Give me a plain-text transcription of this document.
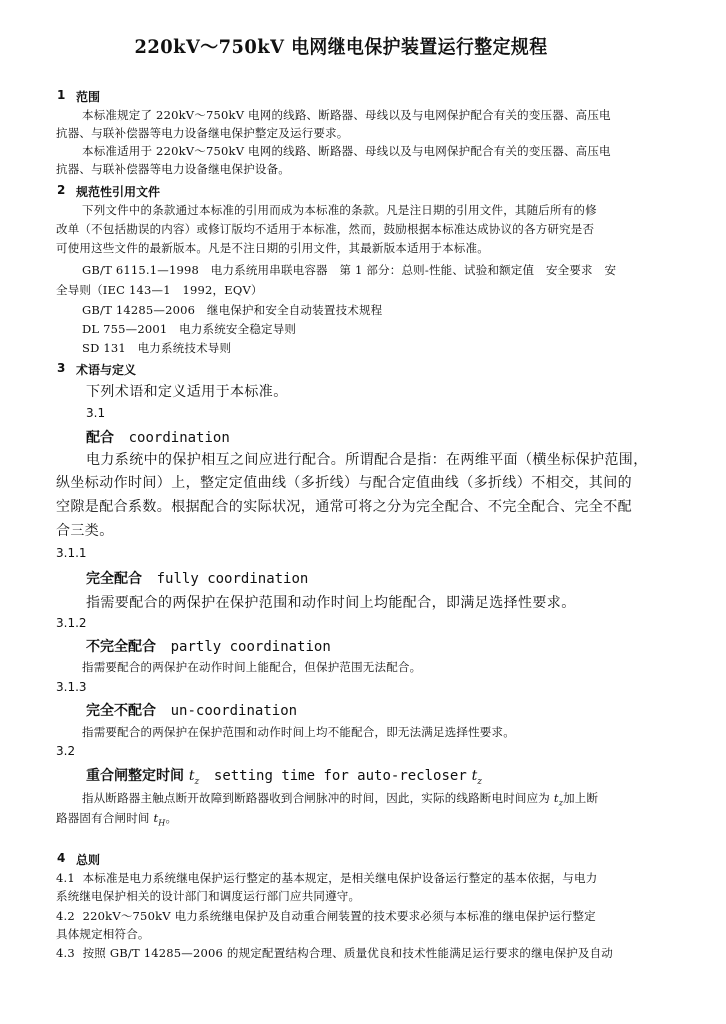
220kV～750kV 电网继电保护装置运行整定规程
1 范围
本标准规定了 220kV～750kV 电网的线路、断路器、母线以及与电网保护配合有关的变压器、高压电
抗器、与联补偿器等电力设备继电保护整定及运行要求。
本标准适用于 220kV～750kV 电网的线路、断路器、母线以及与电网保护配合有关的变压器、高压电
抗器、与联补偿器等电力设备继电保护设备。
2 规范性引用文件
下列文件中的条款通过本标准的引用而成为本标准的条款。凡是注日期的引用文件，其随后所有的修
改单（不包括勘误的内容）或修订版均不适用于本标准，然而，鼓励根据本标准达成协议的各方研究是否
可使用这些文件的最新版本。凡是不注日期的引用文件，其最新版本适用于本标准。
GB/T 6115.1—1998　电力系统用串联电容器　第 1 部分：总则-性能、试验和额定值　安全要求　安
全导则（IEC 143—1　1992，EQV）
GB/T 14285—2006　继电保护和安全自动装置技术规程
DL 755—2001　电力系统安全稳定导则
SD 131　电力系统技术导则
3 术语与定义
下列术语和定义适用于本标准。
3.1
配合 coordination
电力系统中的保护相互之间应进行配合。所谓配合是指：在两维平面（横坐标保护范围，
纵坐标动作时间）上，整定定值曲线（多折线）与配合定值曲线（多折线）不相交，其间的
空隙是配合系数。根据配合的实际状况，通常可将之分为完全配合、不完全配合、完全不配
合三类。
3.1.1
完全配合 fully coordination
指需要配合的两保护在保护范围和动作时间上均能配合，即满足选择性要求。
3.1.2
不完全配合 partly coordination
指需要配合的两保护在动作时间上能配合，但保护范围无法配合。
3.1.3
完全不配合 un-coordination
指需要配合的两保护在保护范围和动作时间上均不能配合，即无法满足选择性要求。
3.2
重合闸整定时间 $t_z$ setting time for auto-recloser $t_z$
指从断路器主触点断开故障到断路器收到合闸脉冲的时间，因此，实际的线路断电时间应为 $t_z$加上断
路器固有合闸时间 $t_H$。
4 总则
4.1 本标准是电力系统继电保护运行整定的基本规定，是相关继电保护设备运行整定的基本依据，与电力
系统继电保护相关的设计部门和调度运行部门应共同遵守。
4.2 220kV～750kV 电力系统继电保护及自动重合闸装置的技术要求必须与本标准的继电保护运行整定
具体规定相符合。
4.3 按照 GB/T 14285—2006 的规定配置结构合理、质量优良和技术性能满足运行要求的继电保护及自动
